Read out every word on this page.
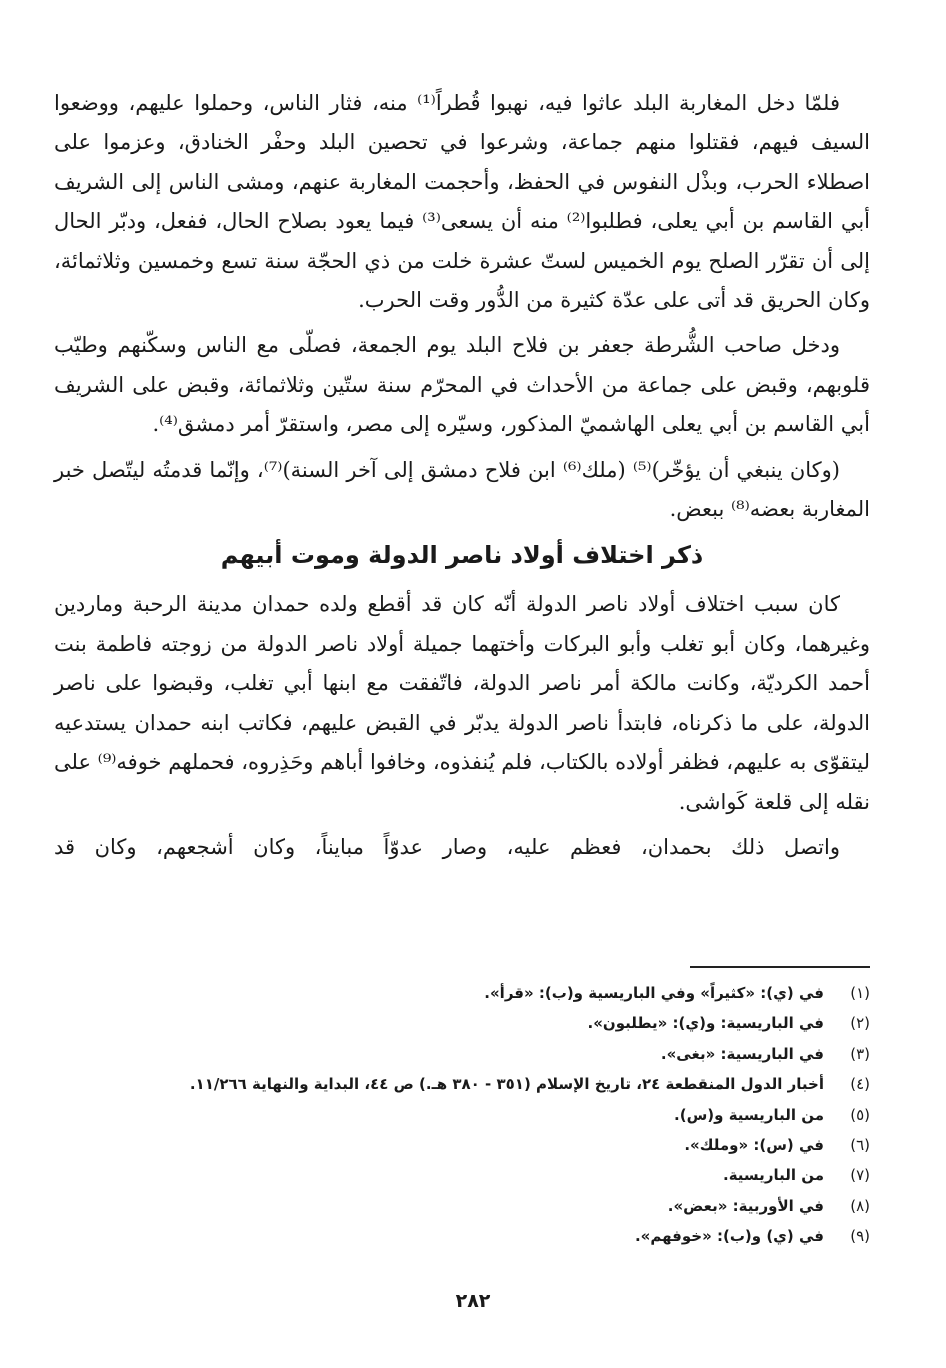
فلمّا دخل المغاربة البلد عاثوا فيه، نهبوا قُطراً⁽¹⁾ منه، فثار الناس، وحملوا عليهم، ووضعوا السيف فيهم، فقتلوا منهم جماعة، وشرعوا في تحصين البلد وحفْر الخنادق، وعزموا على اصطلاء الحرب، وبذْل النفوس في الحفظ، وأحجمت المغاربة عنهم، ومشى الناس إلى الشريف أبي القاسم بن أبي يعلى، فطلبوا⁽²⁾ منه أن يسعى⁽³⁾ فيما يعود بصلاح الحال، ففعل، ودبّر الحال إلى أن تقرّر الصلح يوم الخميس لستّ عشرة خلت من ذي الحجّة سنة تسع وخمسين وثلاثمائة، وكان الحريق قد أتى على عدّة كثيرة من الدُّور وقت الحرب.

ودخل صاحب الشُّرطة جعفر بن فلاح البلد يوم الجمعة، فصلّى مع الناس وسكّنهم وطيّب قلوبهم، وقبض على جماعة من الأحداث في المحرّم سنة ستّين وثلاثمائة، وقبض على الشريف أبي القاسم بن أبي يعلى الهاشميّ المذكور، وسيّره إلى مصر، واستقرّ أمر دمشق⁽⁴⁾.

(وكان ينبغي أن يؤخّر)⁽⁵⁾ (ملك⁽⁶⁾ ابن فلاح دمشق إلى آخر السنة)⁽⁷⁾، وإنّما قدمتُه ليتّصل خبر المغاربة بعضه⁽⁸⁾ ببعض.

ذكر اختلاف أولاد ناصر الدولة وموت أبيهم

كان سبب اختلاف أولاد ناصر الدولة أنّه كان قد أقطع ولده حمدان مدينة الرحبة وماردين وغيرهما، وكان أبو تغلب وأبو البركات وأختهما جميلة أولاد ناصر الدولة من زوجته فاطمة بنت أحمد الكرديّة، وكانت مالكة أمر ناصر الدولة، فاتّفقت مع ابنها أبي تغلب، وقبضوا على ناصر الدولة، على ما ذكرناه، فابتدأ ناصر الدولة يدبّر في القبض عليهم، فكاتب ابنه حمدان يستدعيه ليتقوّى به عليهم، فظفر أولاده بالكتاب، فلم يُنفذوه، وخافوا أباهم وحَذِروه، فحملهم خوفه⁽⁹⁾ على نقله إلى قلعة كَواشى.

واتصل ذلك بحمدان، فعظم عليه، وصار عدوّاً مبايناً، وكان أشجعهم، وكان قد

(١)
في (ي): «كثيراً» وفي الباريسية و(ب): «قرأ».
(٢)
في الباريسية: و(ي): «يطلبون».
(٣)
في الباريسية: «بغى».
(٤)
أخبار الدول المنقطعة ٢٤، تاريخ الإسلام (٣٥١ - ٣٨٠ هـ.) ص ٤٤، البداية والنهاية ١١/٢٦٦.
(٥)
من الباريسية و(س).
(٦)
في (س): «وملك».
(٧)
من الباريسية.
(٨)
في الأوربية: «بعض».
(٩)
في (ي) و(ب): «خوفهم».
٢٨٢
